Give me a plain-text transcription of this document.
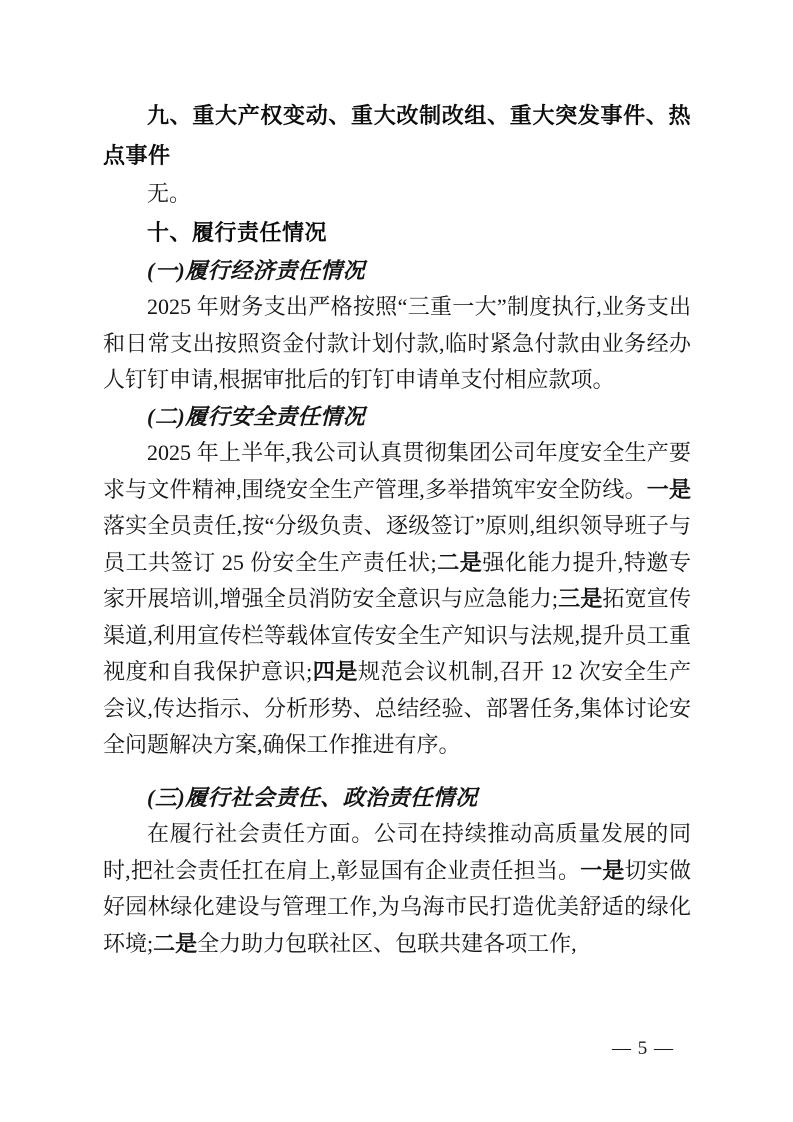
九、重大产权变动、重大改制改组、重大突发事件、热点事件

无。

十、履行责任情况
(一)履行经济责任情况

2025 年财务支出严格按照“三重一大”制度执行,业务支出和日常支出按照资金付款计划付款,临时紧急付款由业务经办人钉钉申请,根据审批后的钉钉申请单支付相应款项。

(二)履行安全责任情况

2025 年上半年,我公司认真贯彻集团公司年度安全生产要求与文件精神,围绕安全生产管理,多举措筑牢安全防线。一是落实全员责任,按“分级负责、逐级签订”原则,组织领导班子与员工共签订 25 份安全生产责任状;二是强化能力提升,特邀专家开展培训,增强全员消防安全意识与应急能力;三是拓宽宣传渠道,利用宣传栏等载体宣传安全生产知识与法规,提升员工重视度和自我保护意识;四是规范会议机制,召开 12 次安全生产会议,传达指示、分析形势、总结经验、部署任务,集体讨论安全问题解决方案,确保工作推进有序。

(三)履行社会责任、政治责任情况

在履行社会责任方面。公司在持续推动高质量发展的同时,把社会责任扛在肩上,彰显国有企业责任担当。一是切实做好园林绿化建设与管理工作,为乌海市民打造优美舒适的绿化环境;二是全力助力包联社区、包联共建各项工作,

— 5 —
